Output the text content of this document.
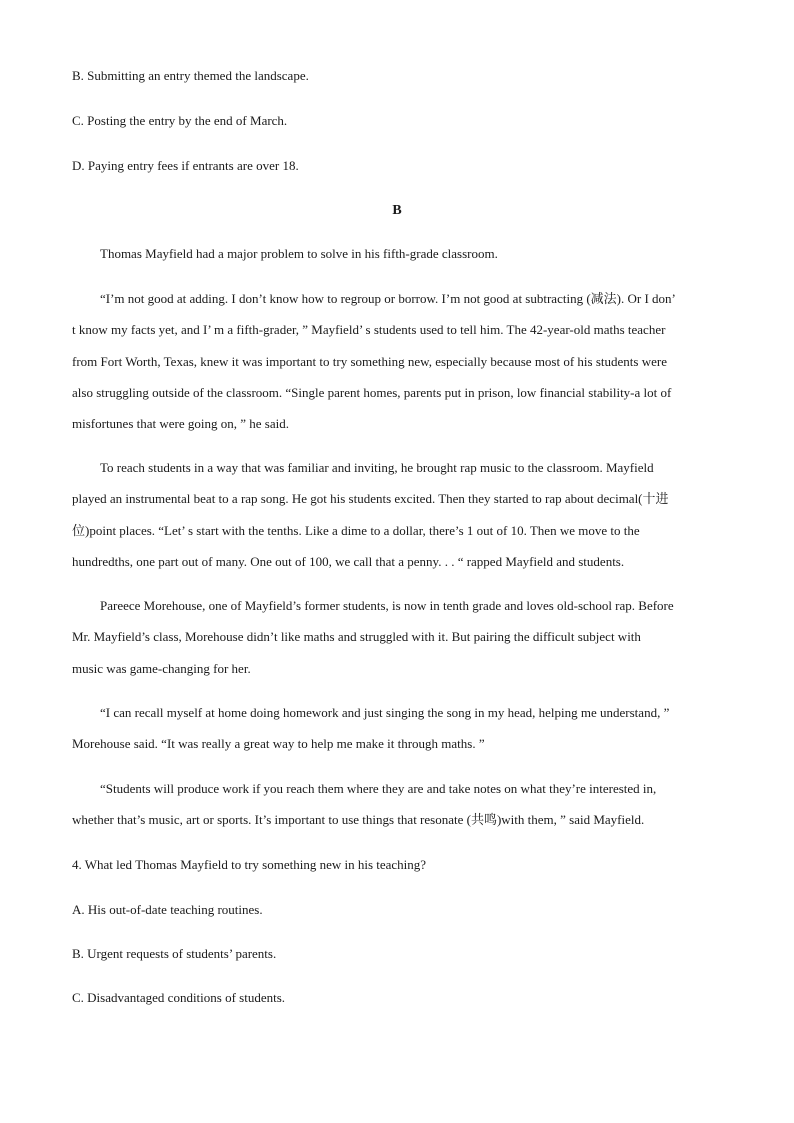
B. Submitting an entry themed the landscape.
C. Posting the entry by the end of March.
D. Paying entry fees if entrants are over 18.
B
Thomas Mayfield had a major problem to solve in his fifth-grade classroom.
“I’m not good at adding. I don’t know how to regroup or borrow. I’m not good at subtracting (减法). Or I don’
t know my facts yet, and I’ m a fifth-grader, ” Mayfield’ s students used to tell him. The 42-year-old maths teacher
from Fort Worth, Texas, knew it was important to try something new, especially because most of his students were
also struggling outside of the classroom. “Single parent homes, parents put in prison, low financial stability-a lot of
misfortunes that were going on, ” he said.
To reach students in a way that was familiar and inviting, he brought rap music to the classroom. Mayfield
played an instrumental beat to a rap song. He got his students excited. Then they started to rap about decimal(十进
位)point places. “Let’ s start with the tenths. Like a dime to a dollar, there’s 1 out of 10. Then we move to the
hundredths, one part out of many. One out of 100, we call that a penny. . . “ rapped Mayfield and students.
Pareece Morehouse, one of Mayfield’s former students, is now in tenth grade and loves old-school rap. Before
Mr. Mayfield’s class, Morehouse didn’t like maths and struggled with it. But pairing the difficult subject with
music was game-changing for her.
“I can recall myself at home doing homework and just singing the song in my head, helping me understand, ”
Morehouse said. “It was really a great way to help me make it through maths. ”
“Students will produce work if you reach them where they are and take notes on what they’re interested in,
whether that’s music, art or sports. It’s important to use things that resonate (共鸣)with them, ” said Mayfield.
4. What led Thomas Mayfield to try something new in his teaching?
A. His out-of-date teaching routines.
B. Urgent requests of students’ parents.
C. Disadvantaged conditions of students.
